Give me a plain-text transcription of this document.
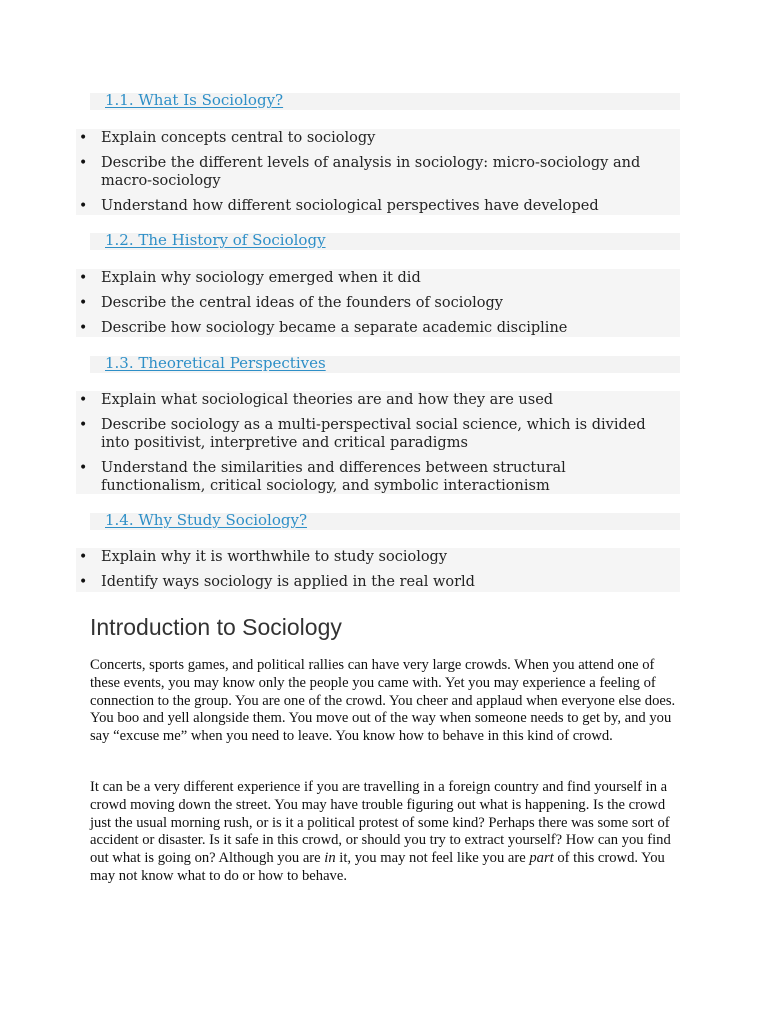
1.1. What Is Sociology?
• Explain concepts central to sociology
• Describe the different levels of analysis in sociology: micro-sociology and macro-sociology
• Understand how different sociological perspectives have developed
1.2. The History of Sociology
• Explain why sociology emerged when it did
• Describe the central ideas of the founders of sociology
• Describe how sociology became a separate academic discipline
1.3. Theoretical Perspectives
• Explain what sociological theories are and how they are used
• Describe sociology as a multi-perspectival social science, which is divided into positivist, interpretive and critical paradigms
• Understand the similarities and differences between structural functionalism, critical sociology, and symbolic interactionism
1.4. Why Study Sociology?
• Explain why it is worthwhile to study sociology
• Identify ways sociology is applied in the real world
Introduction to Sociology

Concerts, sports games, and political rallies can have very large crowds. When you attend one of these events, you may know only the people you came with. Yet you may experience a feeling of connection to the group. You are one of the crowd. You cheer and applaud when everyone else does. You boo and yell alongside them. You move out of the way when someone needs to get by, and you say “excuse me” when you need to leave. You know how to behave in this kind of crowd.

It can be a very different experience if you are travelling in a foreign country and find yourself in a crowd moving down the street. You may have trouble figuring out what is happening. Is the crowd just the usual morning rush, or is it a political protest of some kind? Perhaps there was some sort of accident or disaster. Is it safe in this crowd, or should you try to extract yourself? How can you find out what is going on? Although you are in it, you may not feel like you are part of this crowd. You may not know what to do or how to behave.
